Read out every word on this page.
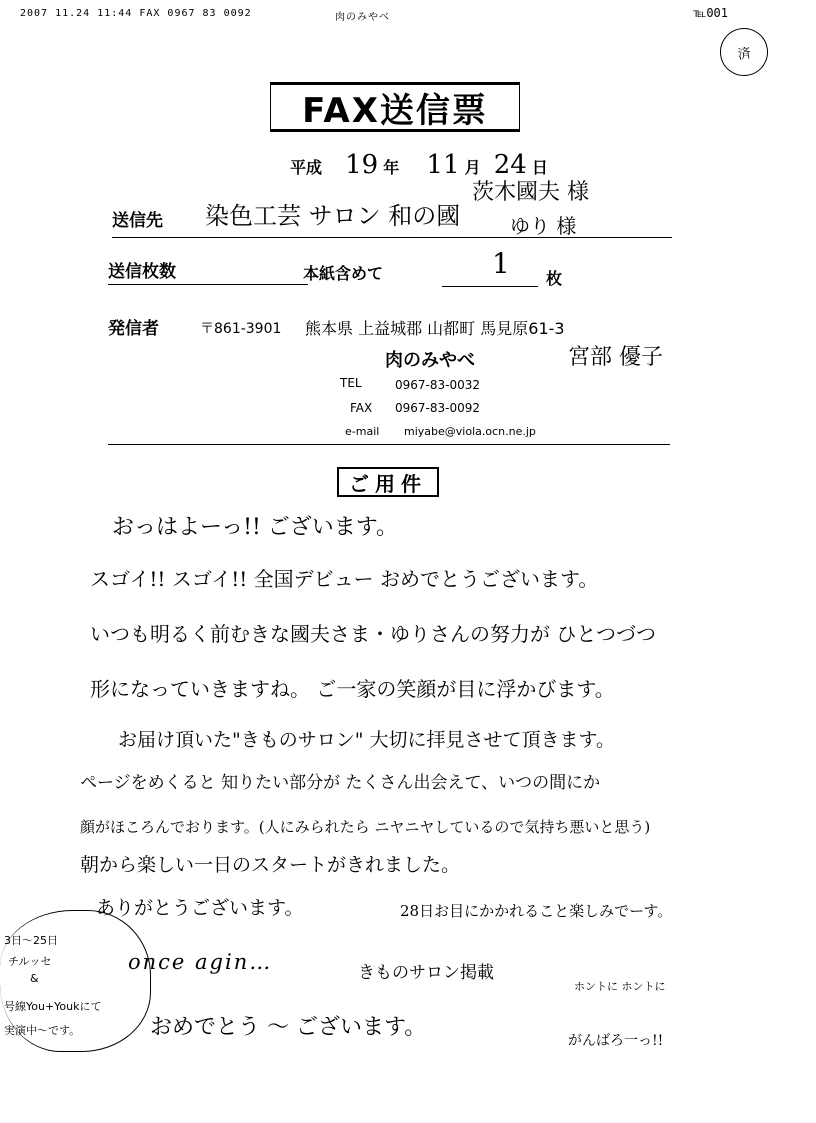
2007 11.24 11:44 FAX 0967 83 0092	肉のみやべ	℡001
済
FAX送信票
平成 19 年 11 月 24 日
送信先 染色工芸 サロン 和の國
茨木國夫 様
ゆり 様
送信枚数	本紙含めて	1 枚
発信者	〒861-3901 熊本県 上益城郡 山都町 馬見原61-3
肉のみやべ	宮部 優子
TEL	0967-83-0032
FAX 0967-83-0092
e-mail miyabe@viola.ocn.ne.jp
ご用件
おっはよーっ!! ございます。
スゴイ!! スゴイ!! 全国デビュー おめでとうございます。
いつも明るく前むきな國夫さま・ゆりさんの努力が ひとつづつ
形になっていきますね。 ご一家の笑顔が目に浮かびます。
お届け頂いた"きものサロン" 大切に拝見させて頂きます。
ページをめくると 知りたい部分が たくさん出会えて、いつの間にか
顔がほころんでおります。(人にみられたら ニヤニヤしているので気持ち悪いと思う)
朝から楽しい一日のスタートがきれました。
ありがとうございます。	28日お目にかかれること楽しみでーす。
once agin…	きものサロン掲載
ホントに ホントに
おめでとう 〜 ございます。
がんばろ一っ!!
3日〜25日
チルッセ
&
号線You+Youkにて
実演中〜です。
